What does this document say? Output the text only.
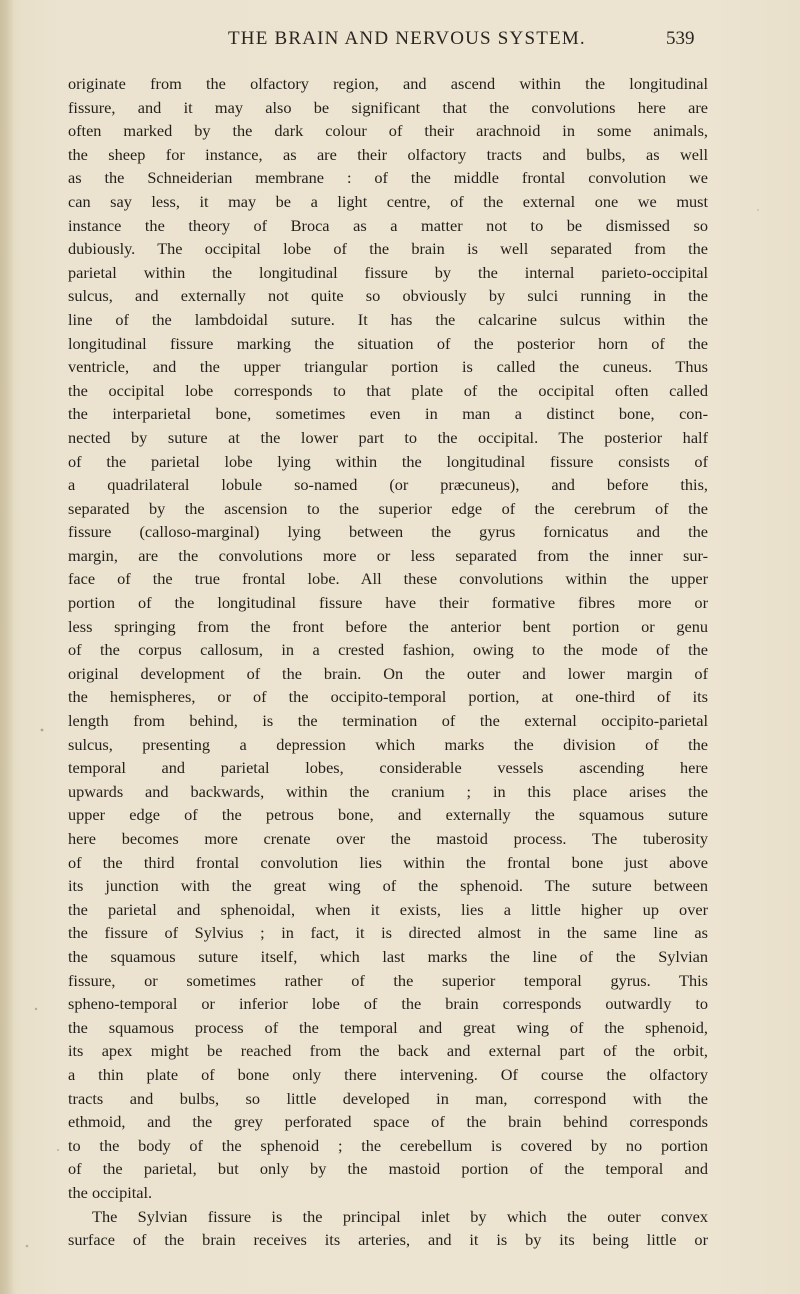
THE BRAIN AND NERVOUS SYSTEM.	539
originate from the olfactory region, and ascend within the longitudinal
fissure, and it may also be significant that the convolutions here are
often marked by the dark colour of their arachnoid in some animals,
the sheep for instance, as are their olfactory tracts and bulbs, as well
as the Schneiderian membrane : of the middle frontal convolution we
can say less, it may be a light centre, of the external one we must
instance the theory of Broca as a matter not to be dismissed so
dubiously. The occipital lobe of the brain is well separated from the
parietal within the longitudinal fissure by the internal parieto-occipital
sulcus, and externally not quite so obviously by sulci running in the
line of the lambdoidal suture. It has the calcarine sulcus within the
longitudinal fissure marking the situation of the posterior horn of the
ventricle, and the upper triangular portion is called the cuneus. Thus
the occipital lobe corresponds to that plate of the occipital often called
the interparietal bone, sometimes even in man a distinct bone, con-
nected by suture at the lower part to the occipital. The posterior half
of the parietal lobe lying within the longitudinal fissure consists of
a quadrilateral lobule so-named (or præcuneus), and before this,
separated by the ascension to the superior edge of the cerebrum of the
fissure (calloso-marginal) lying between the gyrus fornicatus and the
margin, are the convolutions more or less separated from the inner sur-
face of the true frontal lobe. All these convolutions within the upper
portion of the longitudinal fissure have their formative fibres more or
less springing from the front before the anterior bent portion or genu
of the corpus callosum, in a crested fashion, owing to the mode of the
original development of the brain. On the outer and lower margin of
the hemispheres, or of the occipito-temporal portion, at one-third of its
length from behind, is the termination of the external occipito-parietal
sulcus, presenting a depression which marks the division of the
temporal and parietal lobes, considerable vessels ascending here
upwards and backwards, within the cranium ; in this place arises the
upper edge of the petrous bone, and externally the squamous suture
here becomes more crenate over the mastoid process. The tuberosity
of the third frontal convolution lies within the frontal bone just above
its junction with the great wing of the sphenoid. The suture between
the parietal and sphenoidal, when it exists, lies a little higher up over
the fissure of Sylvius ; in fact, it is directed almost in the same line as
the squamous suture itself, which last marks the line of the Sylvian
fissure, or sometimes rather of the superior temporal gyrus. This
spheno-temporal or inferior lobe of the brain corresponds outwardly to
the squamous process of the temporal and great wing of the sphenoid,
its apex might be reached from the back and external part of the orbit,
a thin plate of bone only there intervening. Of course the olfactory
tracts and bulbs, so little developed in man, correspond with the
ethmoid, and the grey perforated space of the brain behind corresponds
to the body of the sphenoid ; the cerebellum is covered by no portion
of the parietal, but only by the mastoid portion of the temporal and
the occipital.
The Sylvian fissure is the principal inlet by which the outer convex
surface of the brain receives its arteries, and it is by its being little or
